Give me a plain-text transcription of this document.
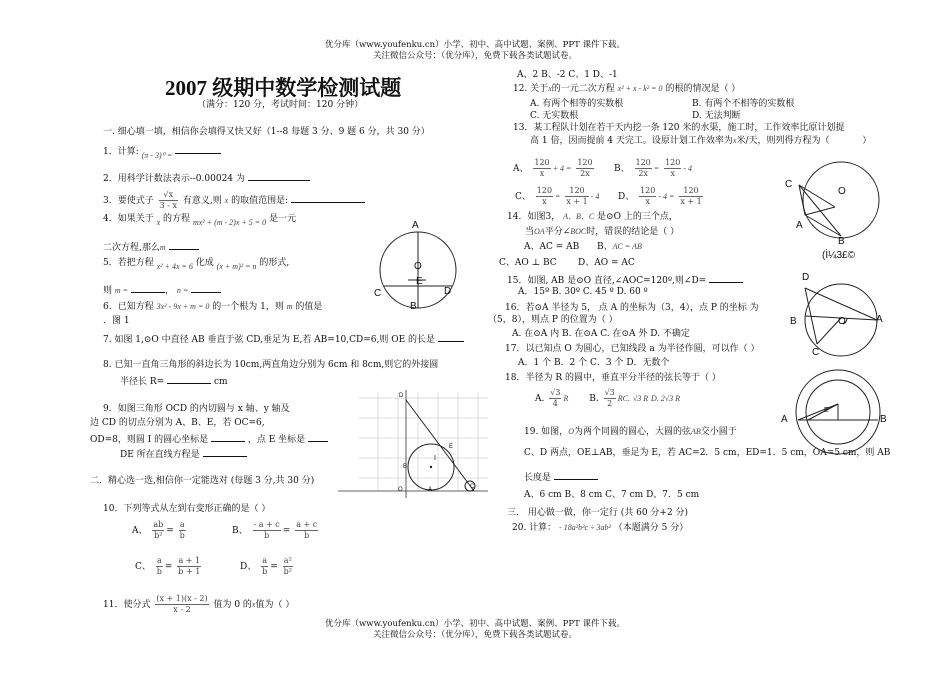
优分库（www.youfenku.cn）小学、初中、高中试题、案例、PPT 课件下载。
关注微信公众号：（优分库），免费下载各类试题试卷。
2007 级期中数学检测试题
（满分：120 分，考试时间：120 分钟）
一. 细心填一填，相信你会填得又快又好（1--8 每题 3 分、9 题 6 分，共 30 分）
1．计算: (π - 3)⁰ =
2．用科学计数法表示--0.00024 为
3．要使式子 $\frac{√x}{3 - x}$ 有意义,则 x 的取值范围是:
4．如果关于 x 的方程 mx² + (m - 2)x + 5 = 0 是一元
二次方程,那么m
5．若把方程 x² + 4x = 6 化成 (x + m)² = n 的形式,
则 m =	， n =
6．已知方程 3x² - 9x + m = 0 的一个根为 1，则 m 的值是
．图 1
7. 如图 1,⊙O 中直径 AB 垂直于弦 CD,垂足为 E,若 AB=10,CD=6,则 OE 的长是
8. 已知一直角三角形的斜边长为 10cm,两直角边分别为 6cm 和 8cm,则它的外接圆
半径长 R=	cm
9．如图三角形 OCD 的内切圆与 x 轴、y 轴及
边 CD 的切点分别为 A、B、E，若 OC=6,
OD=8，则圆 I 的圆心坐标是	，点 E 坐标是
DE 所在直线方程是
二．精心选一选,相信你一定能选对 (每题 3 分,共 30 分)
10．下列等式从左到右变形正确的是（ ）
A、 $\frac{ab}{\text{b²}} = \frac{a}{b}$	B、 $\frac{- a + c}{b} = \frac{a + c}{b}$
C、 $\frac{a}{b} = \frac{a + 1}{b + 1}$	D、 $\frac{a}{b} = \frac{\text{a²}}{\text{b²}}$
11．使分式 $\frac{(x + 1)(x - 2)}{x - 2}$ 值为 0 的x值为（ ）
A
O
E
C	D
B
D
E
I
C
O	A
B
A、2 B、-2 C、1 D、-1
12. 关于x的一元二次方程 x² + x - k² = 0 的根的情况是（ ）
A. 有两个相等的实数根	B. 有两个不相等的实数根
C. 无实数根	D. 无法判断
13．某工程队计划在若干天内挖一条 120 米的水渠，施工时，工作效率比原计划提
高 1 倍，因而提前 4 天完工。设原计划工作效率为x米/天，则列得方程为（	）
A、 $\frac{120}{x} + 4 = \frac{120}{2x}$ B、 $\frac{120}{2x} = \frac{120}{x} - 4$
C、 $\frac{120}{x} = \frac{120}{x + 1} - 4$ D、 $\frac{120}{x} - 4 = \frac{120}{x + 1}$
14．如图3， A、B、C 是⊙O 上的三个点，
当OA平分∠BOC时，错误的结论是（ ）
A、AC = AB B、AC = AB
C、AO ⊥ BC D、AO = AC
15．如图, AB 是⊙O 直径,∠AOC=120º,则∠D=
A．15º B. 30º C. 45 º D. 60 º
16．若⊙A 半径为 5， 点 A 的坐标为（3，4），点 P 的坐标 为
（5，8），则点 P 的位置为（ ）
A. 在⊙A 内 B. 在⊙A C. 在⊙A 外 D. 不确定
17．以已知点 O 为圆心，已知线段 a 为半径作圆，可以作（ ）
A．1 个 B．2 个 C．3 个 D．无数个
18．半径为 R 的圆中，垂直平分半径的弦长等于（ ）
A. $\frac{√3}{4}$ R B. $\frac{√3}{2}$ RC. √3 R D. 2√3 R
19. 如图，O为两个同圆的圆心，大圆的弦AB交小圆于
C、D 两点，OE⊥AB，垂足为 E，若 AC=2．5 cm，ED=1．5 cm，OA=5 cm，则 AB
长度是
A、6 cm B、8 cm C、7 cm D、7．5 cm
三． 用心做一做，你一定行 (共 60 分+2 分)
20. 计算： - 18a²b³c ÷ 3ab² （本题满分 5 分）
C
O
A
B
(Ì¼3£©
D
B	O	A
C
A
E
B
优分库（www.youfenku.cn）小学、初中、高中试题、案例、PPT 课件下载。
关注微信公众号：（优分库），免费下载各类试题试卷。
